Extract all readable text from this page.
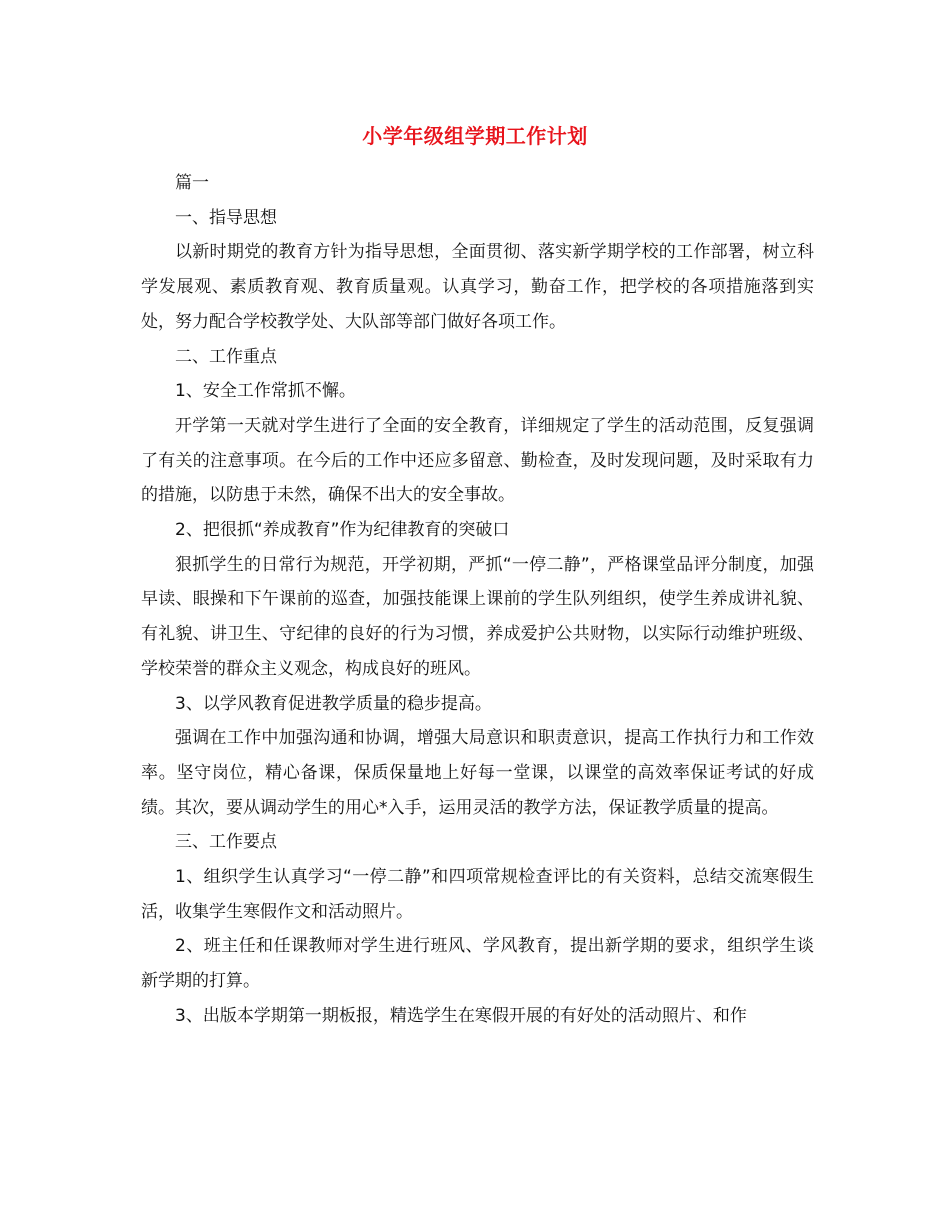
小学年级组学期工作计划

篇一

一、指导思想

以新时期党的教育方针为指导思想，全面贯彻、落实新学期学校的工作部署，树立科学发展观、素质教育观、教育质量观。认真学习，勤奋工作，把学校的各项措施落到实处，努力配合学校教学处、大队部等部门做好各项工作。

二、工作重点

1、安全工作常抓不懈。

开学第一天就对学生进行了全面的安全教育，详细规定了学生的活动范围，反复强调了有关的注意事项。在今后的工作中还应多留意、勤检查，及时发现问题，及时采取有力的措施，以防患于未然，确保不出大的安全事故。

2、把很抓“养成教育”作为纪律教育的突破口

狠抓学生的日常行为规范，开学初期，严抓“一停二静”，严格课堂品评分制度，加强早读、眼操和下午课前的巡查，加强技能课上课前的学生队列组织，使学生养成讲礼貌、有礼貌、讲卫生、守纪律的良好的行为习惯，养成爱护公共财物，以实际行动维护班级、学校荣誉的群众主义观念，构成良好的班风。

3、以学风教育促进教学质量的稳步提高。

强调在工作中加强沟通和协调，增强大局意识和职责意识，提高工作执行力和工作效率。坚守岗位，精心备课，保质保量地上好每一堂课，以课堂的高效率保证考试的好成绩。其次，要从调动学生的用心*入手，运用灵活的教学方法，保证教学质量的提高。

三、工作要点

1、组织学生认真学习“一停二静”和四项常规检查评比的有关资料，总结交流寒假生活，收集学生寒假作文和活动照片。

2、班主任和任课教师对学生进行班风、学风教育，提出新学期的要求，组织学生谈新学期的打算。

3、出版本学期第一期板报，精选学生在寒假开展的有好处的活动照片、和作
